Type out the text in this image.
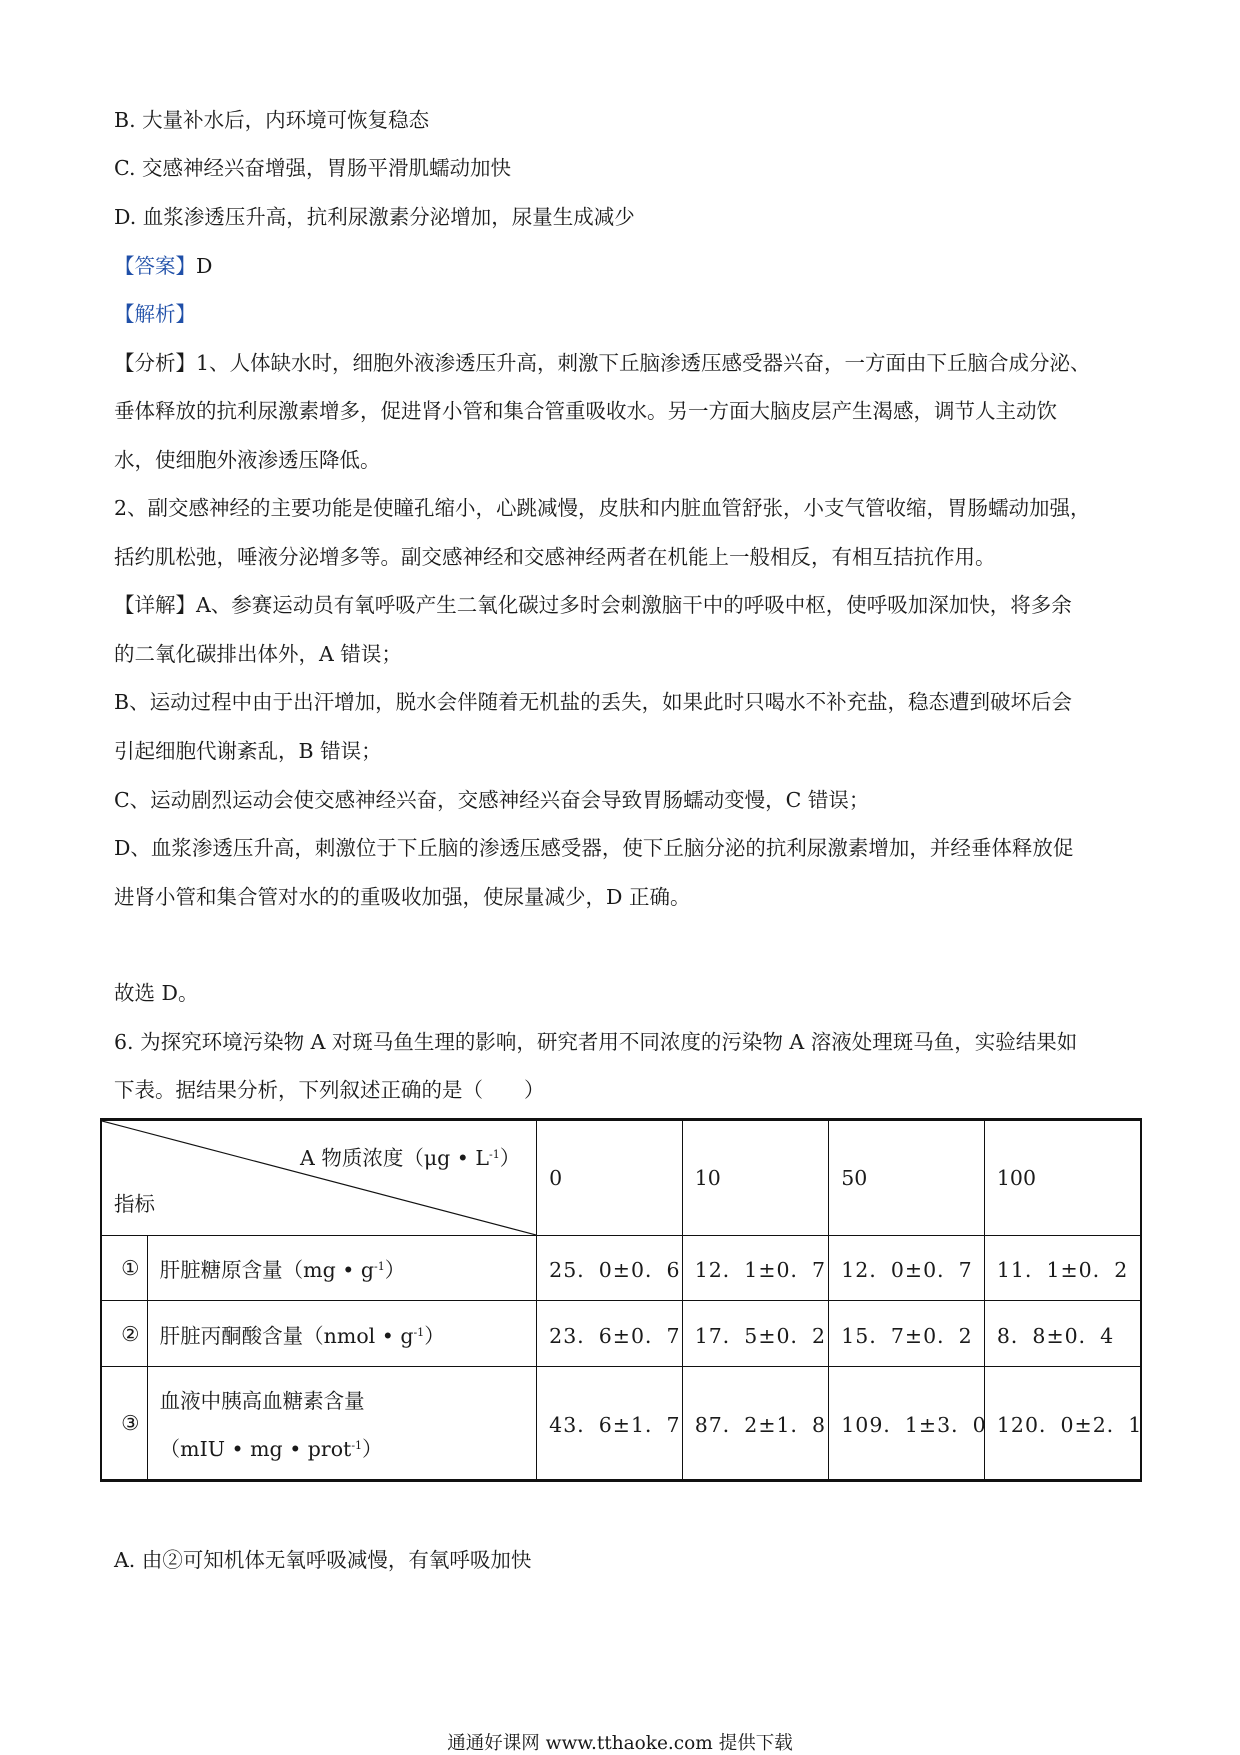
B. 大量补水后，内环境可恢复稳态
C. 交感神经兴奋增强，胃肠平滑肌蠕动加快
D. 血浆渗透压升高，抗利尿激素分泌增加，尿量生成减少
【答案】D
【解析】
【分析】1、人体缺水时，细胞外液渗透压升高，刺激下丘脑渗透压感受器兴奋，一方面由下丘脑合成分泌、
垂体释放的抗利尿激素增多，促进肾小管和集合管重吸收水。另一方面大脑皮层产生渴感，调节人主动饮
水，使细胞外液渗透压降低。
2、副交感神经的主要功能是使瞳孔缩小，心跳减慢，皮肤和内脏血管舒张，小支气管收缩，胃肠蠕动加强，
括约肌松弛，唾液分泌增多等。副交感神经和交感神经两者在机能上一般相反，有相互拮抗作用。
【详解】A、参赛运动员有氧呼吸产生二氧化碳过多时会刺激脑干中的呼吸中枢，使呼吸加深加快，将多余
的二氧化碳排出体外，A 错误；
B、运动过程中由于出汗增加，脱水会伴随着无机盐的丢失，如果此时只喝水不补充盐，稳态遭到破坏后会
引起细胞代谢紊乱，B 错误；
C、运动剧烈运动会使交感神经兴奋，交感神经兴奋会导致胃肠蠕动变慢，C 错误；
D、血浆渗透压升高，刺激位于下丘脑的渗透压感受器，使下丘脑分泌的抗利尿激素增加，并经垂体释放促
进肾小管和集合管对水的的重吸收加强，使尿量减少，D 正确。
故选 D。
6. 为探究环境污染物 A 对斑马鱼生理的影响，研究者用不同浓度的污染物 A 溶液处理斑马鱼，实验结果如
下表。据结果分析，下列叙述正确的是（　　）
A 物质浓度（μg • $L^{-1}$）
指标		0	10	50	100
①	肝脏糖原含量（mg • $g^{-1}$）	25．0±0．6	12．1±0．7	12．0±0．7	11．1±0．2
②	肝脏丙酮酸含量（nmol • $g^{-1}$）	23．6±0．7	17．5±0．2	15．7±0．2	8．8±0．4
③	血液中胰高血糖素含量
（mIU • mg • prot$^{-1}$）	43．6±1．7	87．2±1．8	109．1±3．0	120．0±2．1
A. 由②可知机体无氧呼吸减慢，有氧呼吸加快
通通好课网 www.tthaoke.com 提供下载
